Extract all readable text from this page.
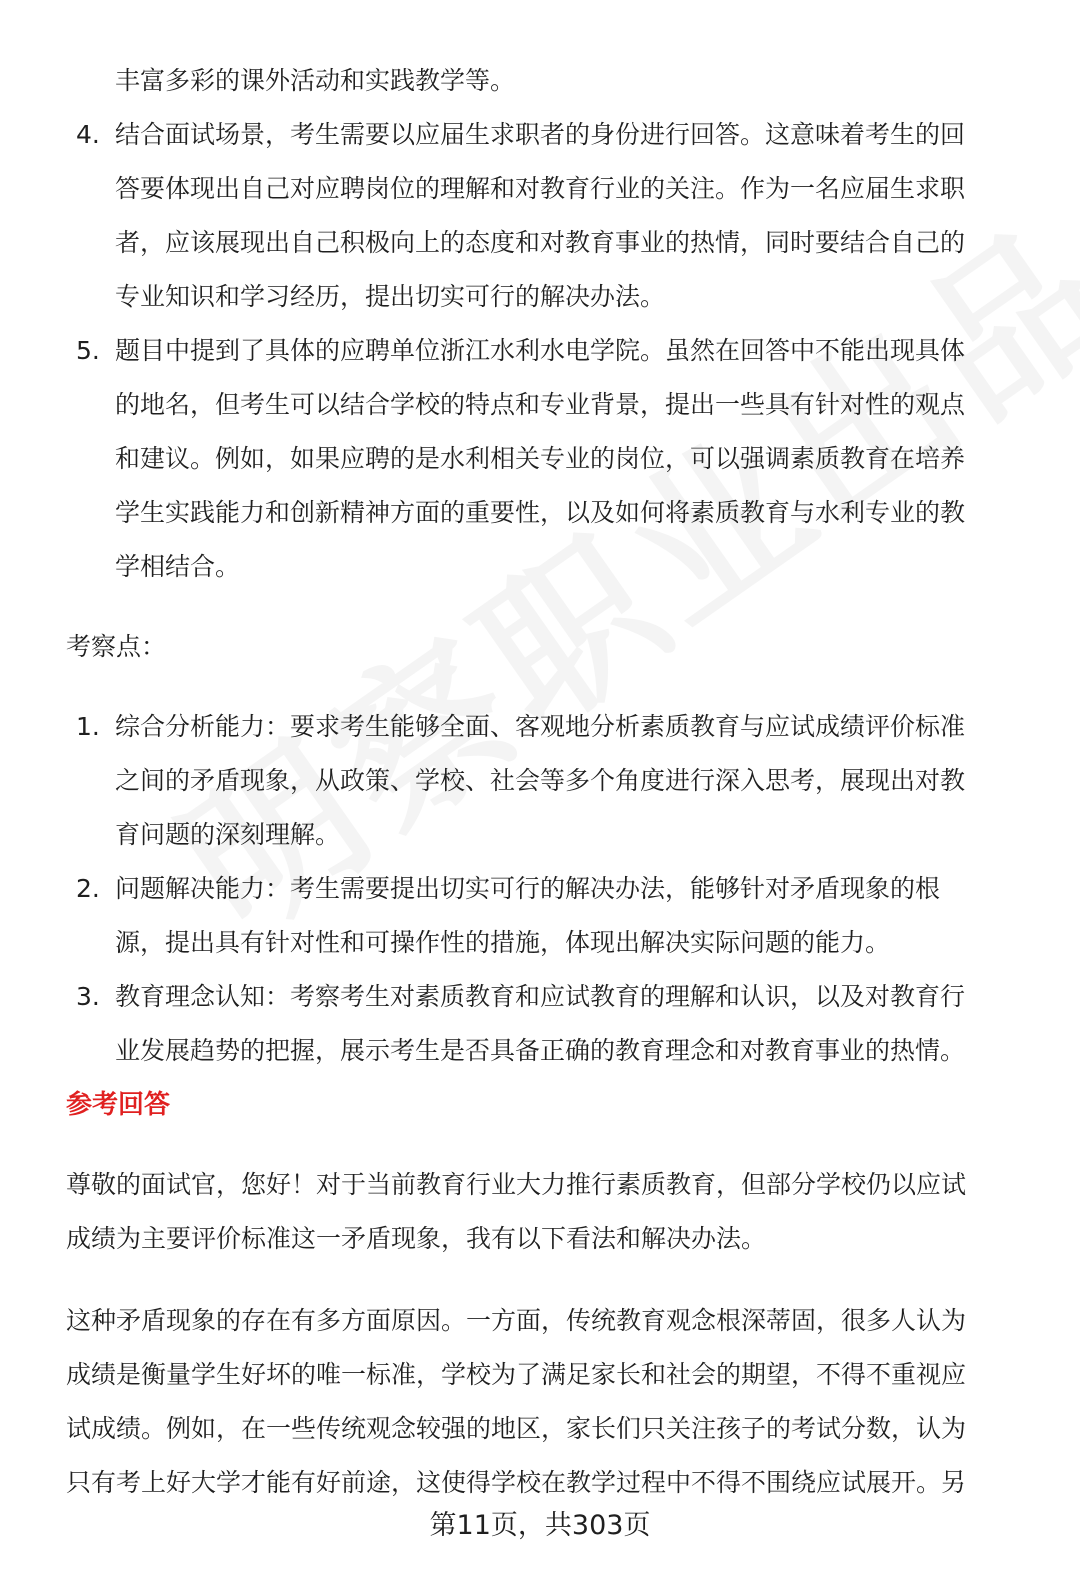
丰富多彩的课外活动和实践教学等。
4. 结合面试场景，考生需要以应届生求职者的身份进行回答。这意味着考生的回
答要体现出自己对应聘岗位的理解和对教育行业的关注。作为一名应届生求职
者，应该展现出自己积极向上的态度和对教育事业的热情，同时要结合自己的
专业知识和学习经历，提出切实可行的解决办法。
5. 题目中提到了具体的应聘单位浙江水利水电学院。虽然在回答中不能出现具体
的地名，但考生可以结合学校的特点和专业背景，提出一些具有针对性的观点
和建议。例如，如果应聘的是水利相关专业的岗位，可以强调素质教育在培养
学生实践能力和创新精神方面的重要性，以及如何将素质教育与水利专业的教
学相结合。
考察点：
1. 综合分析能力：要求考生能够全面、客观地分析素质教育与应试成绩评价标准
之间的矛盾现象，从政策、学校、社会等多个角度进行深入思考，展现出对教
育问题的深刻理解。
2. 问题解决能力：考生需要提出切实可行的解决办法，能够针对矛盾现象的根
源，提出具有针对性和可操作性的措施，体现出解决实际问题的能力。
3. 教育理念认知：考察考生对素质教育和应试教育的理解和认识，以及对教育行
业发展趋势的把握，展示考生是否具备正确的教育理念和对教育事业的热情。
参考回答
尊敬的面试官，您好！对于当前教育行业大力推行素质教育，但部分学校仍以应试
成绩为主要评价标准这一矛盾现象，我有以下看法和解决办法。
这种矛盾现象的存在有多方面原因。一方面，传统教育观念根深蒂固，很多人认为
成绩是衡量学生好坏的唯一标准，学校为了满足家长和社会的期望，不得不重视应
试成绩。例如，在一些传统观念较强的地区，家长们只关注孩子的考试分数，认为
只有考上好大学才能有好前途，这使得学校在教学过程中不得不围绕应试展开。另
第11页，共303页
